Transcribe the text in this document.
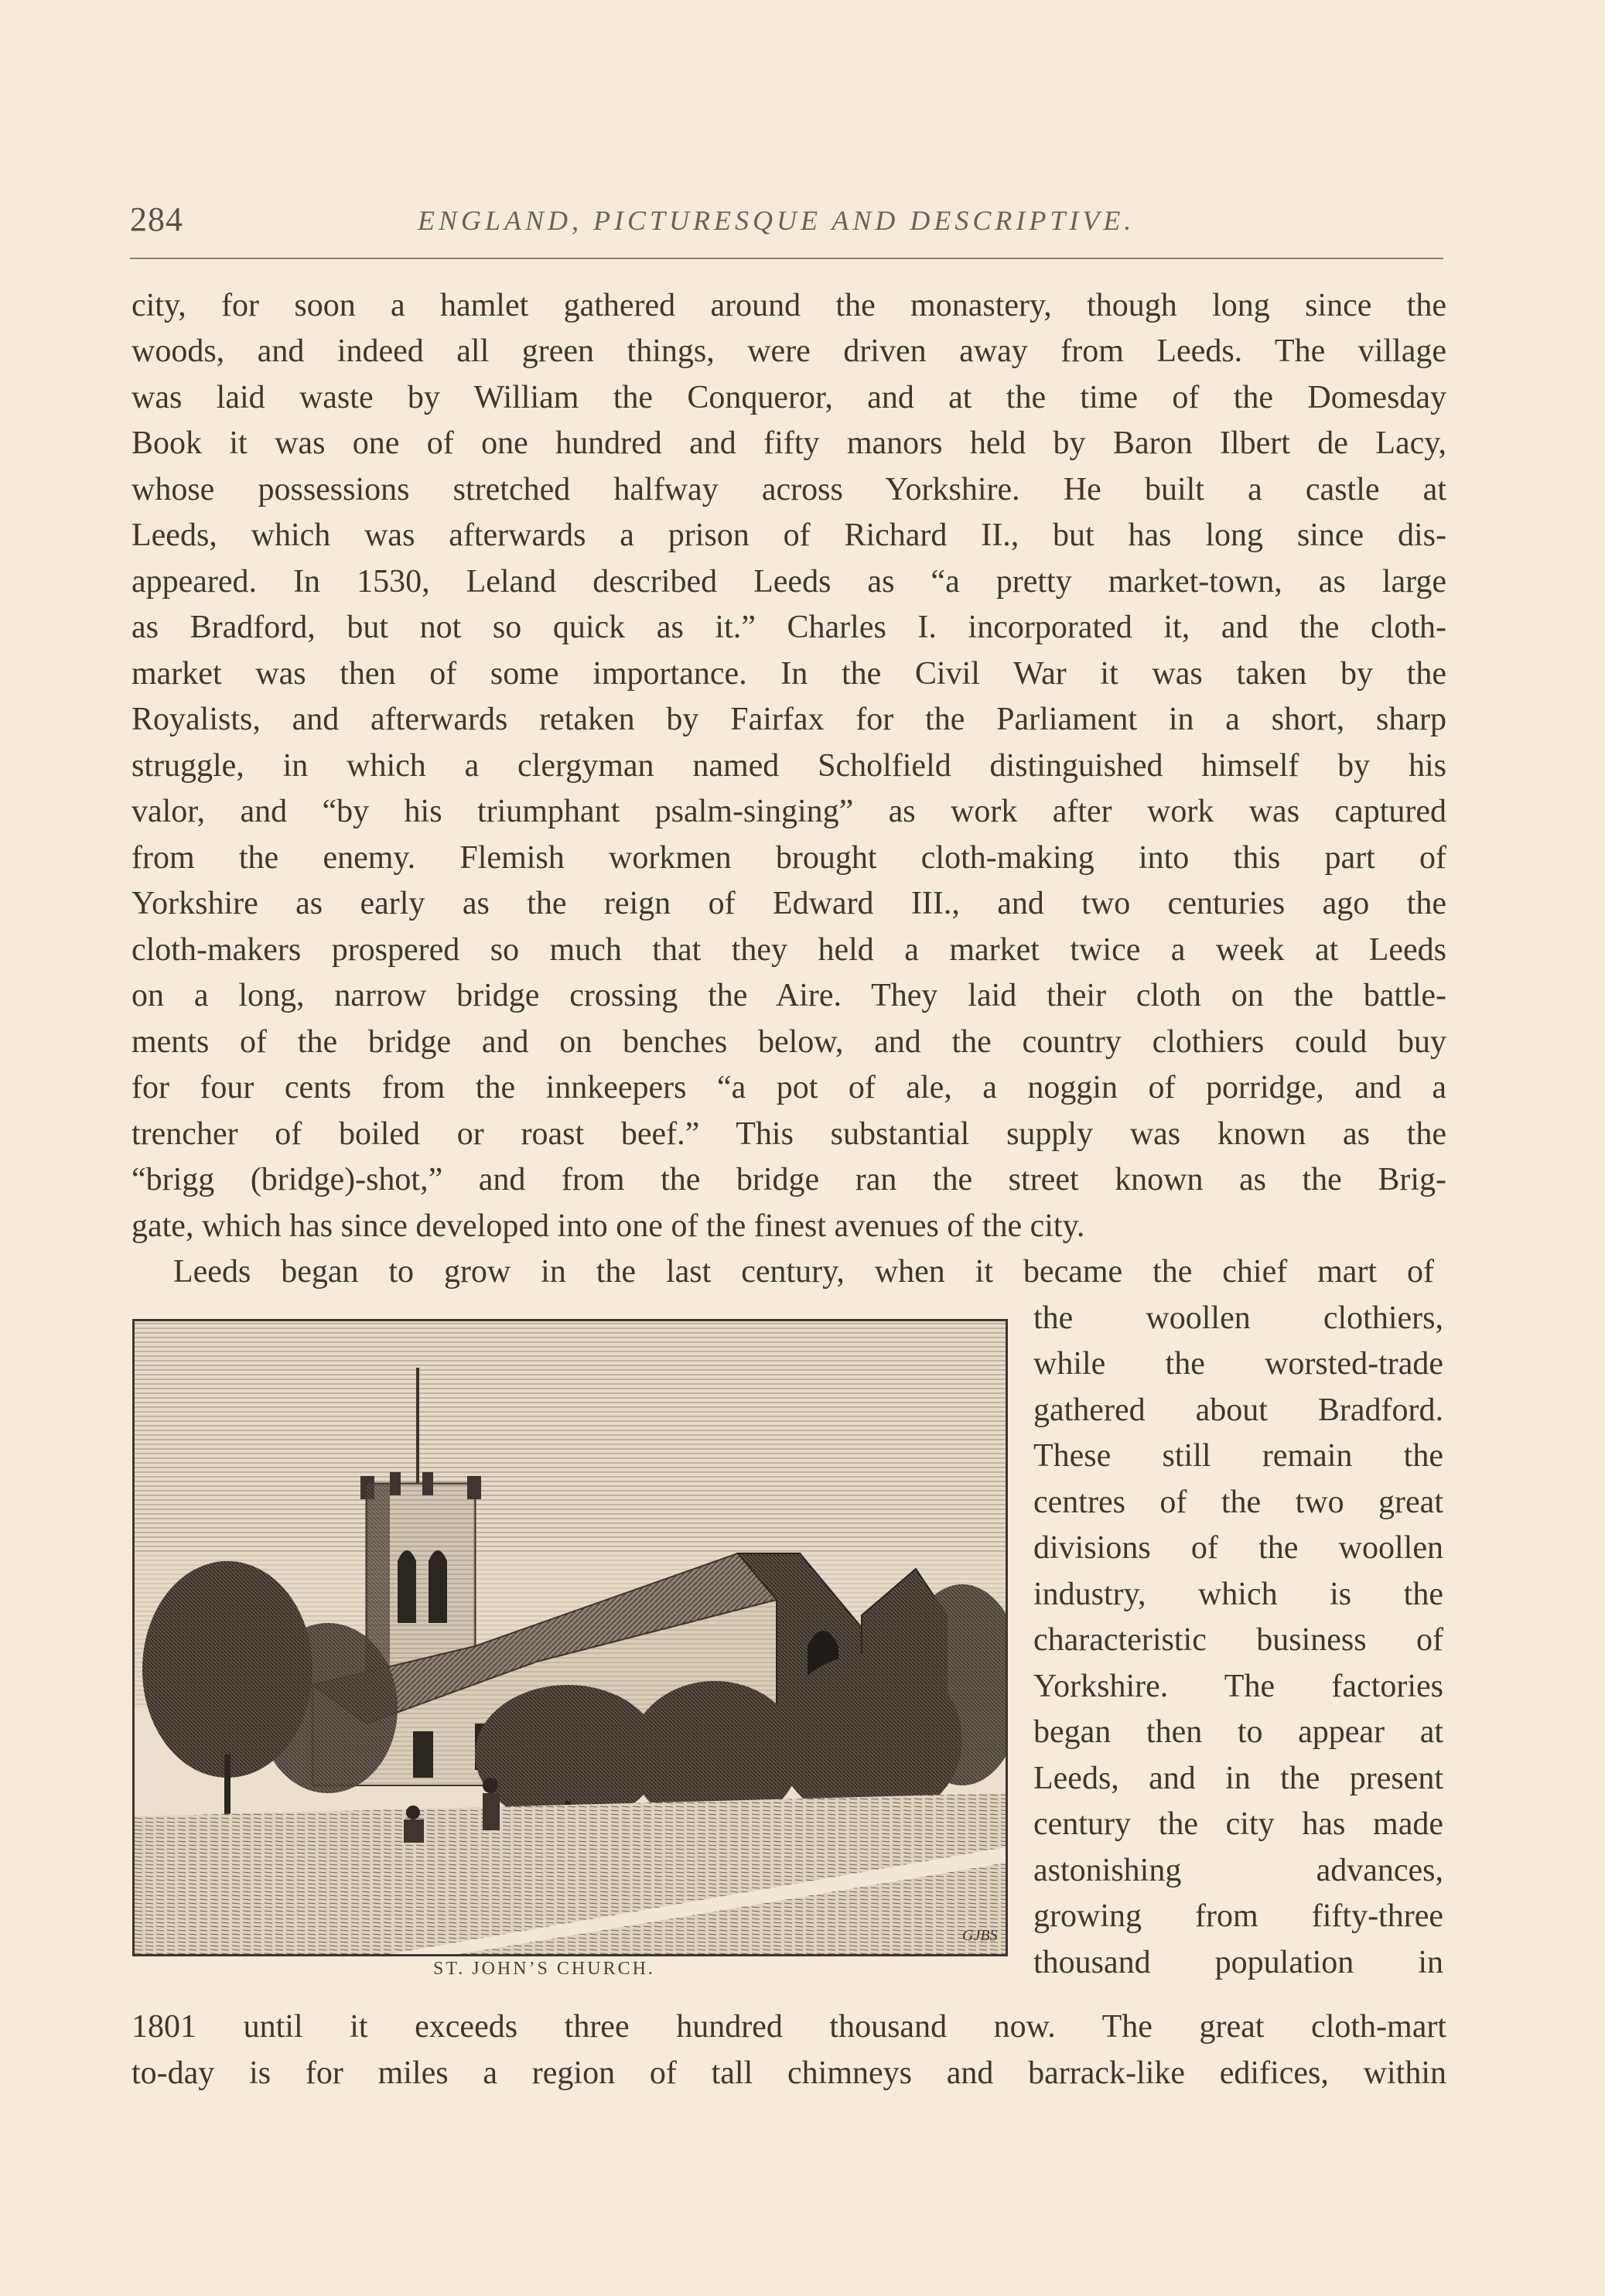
284	ENGLAND, PICTURESQUE AND DESCRIPTIVE.
city, for soon a hamlet gathered around the monastery, though long since the
woods, and indeed all green things, were driven away from Leeds. The village
was laid waste by William the Conqueror, and at the time of the Domesday
Book it was one of one hundred and fifty manors held by Baron Ilbert de Lacy,
whose possessions stretched halfway across Yorkshire. He built a castle at
Leeds, which was afterwards a prison of Richard II., but has long since dis-
appeared. In 1530, Leland described Leeds as “a pretty market-town, as large
as Bradford, but not so quick as it.” Charles I. incorporated it, and the cloth-
market was then of some importance. In the Civil War it was taken by the
Royalists, and afterwards retaken by Fairfax for the Parliament in a short, sharp
struggle, in which a clergyman named Scholfield distinguished himself by his
valor, and “by his triumphant psalm-singing” as work after work was captured
from the enemy. Flemish workmen brought cloth-making into this part of
Yorkshire as early as the reign of Edward III., and two centuries ago the
cloth-makers prospered so much that they held a market twice a week at Leeds
on a long, narrow bridge crossing the Aire. They laid their cloth on the battle-
ments of the bridge and on benches below, and the country clothiers could buy
for four cents from the innkeepers “a pot of ale, a noggin of porridge, and a
trencher of boiled or roast beef.” This substantial supply was known as the
“brigg (bridge)-shot,” and from the bridge ran the street known as the Brig-
gate, which has since developed into one of the finest avenues of the city.
Leeds began to grow in the last century, when it became the chief mart of
GJBS
ST. JOHN’S CHURCH.
the woollen clothiers,
while the worsted-trade
gathered about Bradford.
These still remain the
centres of the two great
divisions of the woollen
industry, which is the
characteristic business of
Yorkshire. The factories
began then to appear at
Leeds, and in the present
century the city has made
astonishing advances,
growing from fifty-three
thousand population in
1801 until it exceeds three hundred thousand now. The great cloth-mart
to-day is for miles a region of tall chimneys and barrack-like edifices, within
